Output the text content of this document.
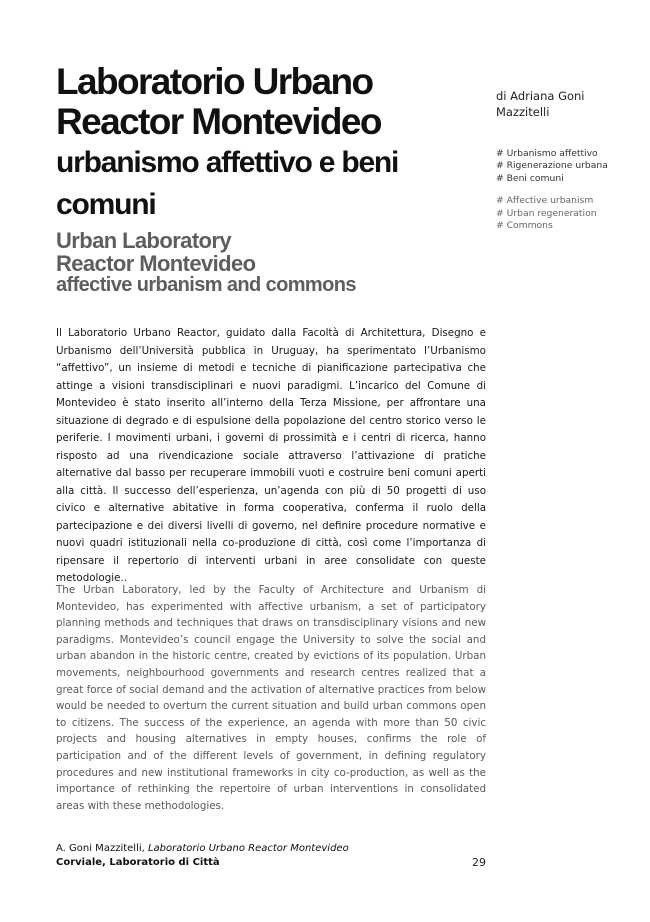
Laboratorio Urbano
Reactor Montevideo
urbanismo affettivo e beni
comuni
Urban Laboratory
Reactor Montevideo
affective urbanism and commons

di Adriana Goni
Mazzitelli

# Urbanismo affettivo
# Rigenerazione urbana
# Beni comuni
# Affective urbanism
# Urban regeneration
# Commons

Il Laboratorio Urbano Reactor, guidato dalla Facoltà di Architettura, Disegno e Urbanismo dell’Università pubblica in Uruguay, ha sperimentato l’Urbanismo “affettivo”, un insieme di metodi e tecniche di pianificazione partecipativa che attinge a visioni transdisciplinari e nuovi paradigmi. L’incarico del Comune di Montevideo è stato inserito all’interno della Terza Missione, per affrontare una situazione di degrado e di espulsione della popolazione del centro storico verso le periferie. I movimenti urbani, i governi di prossimità e i centri di ricerca, hanno risposto ad una rivendicazione sociale attraverso l’attivazione di pratiche alternative dal basso per recuperare immobili vuoti e costruire beni comuni aperti alla città. Il successo dell’esperienza, un’agenda con più di 50 progetti di uso civico e alternative abitative in forma cooperativa, conferma il ruolo della partecipazione e dei diversi livelli di governo, nel definire procedure normative e nuovi quadri istituzionali nella co-produzione di città, così come l’importanza di ripensare il repertorio di interventi urbani in aree consolidate con queste metodologie..

The Urban Laboratory, led by the Faculty of Architecture and Urbanism di Montevideo, has experimented with affective urbanism, a set of participatory planning methods and techniques that draws on transdisciplinary visions and new paradigms. Montevideo’s council engage the University to solve the social and urban abandon in the historic centre, created by evictions of its population. Urban movements, neighbourhood governments and research centres realized that a great force of social demand and the activation of alternative practices from below would be needed to overturn the current situation and build urban commons open to citizens. The success of the experience, an agenda with more than 50 civic projects and housing alternatives in empty houses, confirms the role of participation and of the different levels of government, in defining regulatory procedures and new institutional frameworks in city co-production, as well as the importance of rethinking the repertoire of urban interventions in consolidated areas with these methodologies.

A. Goni Mazzitelli, Laboratorio Urbano Reactor Montevideo
Corviale, Laboratorio di Città	29
